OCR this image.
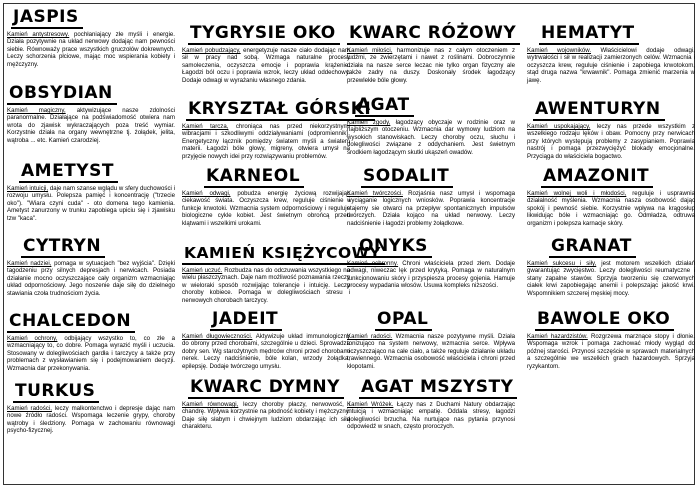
JASPIS

Kamień antystresowy. pochłaniający złe myśli i energie. Działa pozytywnie na układ nerwowy dodając nam pewności siebie. Równoważy prace wszystkich gruczołów dokrewnych. Leczy schorzenia płciowe, mając moc wspierania kobiety i mężczyzny.

OBSYDIAN

Kamień magiczny, aktywizujące nasze zdolności paranormalne. Działające na podświadomość otwiera nam wrota do zjawisk wykraczających poza treść wymiar. Korzystnie działa na organy wewnętrzne tj. żołądek, jelita, wątroba ... etc. Kamień czarodziej.

AMETYST

Kamień intuicji, daje nam szanse wglądu w sfery duchowości i rozwoju umysłu. Polepsza pamięć i koncentrację ("trzecie oko"). "Wiara czyni cuda" - oto domena tego kamienia. Ametyst zanurzony w trunku zapobiega upiciu się i zjawisku tzw "kaca".

CYTRYN

Kamień nadziei, pomaga w sytuacjach "bez wyjścia". Dzięki tagodzeniu przy silnych depresjach i nerwicach. Posiada działanie mocno oczyszczające cały organizm wzmacniając układ odpornościowy. Jego noszenie daje siłę do dzielnego stawiania czoła trudnościom życia.

CHALCEDON

Kamień ochrony, odbijający wszystko to, co złe a wzmacniający to, co dobre. Pomaga wyrazić myśli i uczucia. Stosowany w dolegliwościach gardła i tarczycy a także przy problemach z wysławianiem się i podejmowaniem decyzji. Wzmacnia dar przekonywania.

TURKUS

Kamień radości, leczy malkontenctwo i depresje dając nam nowe źródło radości. Wspomaga leczenie grypy, choroby wątroby i śledziony. Pomaga w zachowaniu równowagi psycho-fizycznej.

TYGRYSIE OKO

Kamień pobudzający, energetyzuje nasze ciało dodając nam sił w pracy nad sobą. Wzmaga naturalne procesy samoleczenia, oczyszcza emocje i poprawia krążenie. Łagodzi ból oczu i poprawia wzrok, leczy układ oddechowy. Dodaje odwagi w wyrażaniu własnego zdania.

KRYSZTAŁ GÓRSKI

Kamień tarcza, chroniąca nas przed niekorzystnymi wibracjami i szkodliwymi oddziaływaniami (odpromiennik). Energetyczny łącznik pomiędzy światem myśli a światem materii. Łagodzi bóle głowy, migreny, otwiera umysł na przyjęcie nowych idei przy rozwiązywaniu problemów.

KARNEOL

Kamień odwagi, pobudza energię życiową rozwijając ciekawość świata. Oczyszcza krew, reguluje ciśnienie i funkcje krwotoki. Wzmacnia system odpornościowy i reguluje biologiczne cykle kobiet. Jest świetnym obrońcą przed klątwami i wszelkimi urokami.

KAMIEŃ KSIĘŻYCOWY

Kamień uczuć. Rozbudza nas do odczuwania wszystkiego na wielu płaszczyznach. Daje nam możliwość poznawania rzeczy w wieloraki sposób rozwijając tolerancje i intuicję. Leczy choroby kobiece. Pomaga w dolegliwościach stresu i nerwowych chorobach tarczycy.

JADEIT

Kamień długowieczności. Aktywizuje układ immunologiczny do obrony przed chorobami, szczególnie u dzieci. Sprowadza dobry sen. Wg starożytnych mędrców chroni przed chorobami nerek. Leczy nadciśnienie, bóle kolan, wrzody żołądka, epilepsję. Dodaje twórczego umysłu.

KWARC DYMNY

Kamień równowagi, leczy choroby płaczy, nerwowość, i chandrę. Wpływa korzystnie na płodność kobiety i mężczyzny. Daje siłę słabym i chwiejnym ludziom obdarzając ich siłą charakteru.

KWARC RÓŻOWY

Kamień miłości, harmonizuje nas z całym otoczeniem z ludźmi, ze zwierzętami i nawet z roślinami. Dobroczynnie działa na nasze serce leczac nie tylko organ fizyczny ale także zadry na duszy. Doskonały środek łagodzący przewlekłe bóle głowy.

AGAT

Kamień zgody, łagodzący obyczaje w rodzinie oraz w najbliższym otoczeniu. Wzmacnia dar wymowy ludziom na wysokich stanowiskach. Leczy choroby oczu, słuchu i dolegliwości związane z oddychaniem. Jest świetnym środkiem łagodzącym skutki ukąszeń owadów.

SODALIT

Kamień twórczości. Rozjaśnia nasz umysł i wspomaga wyciąganie logicznych wniosków. Poprawia koncentracje stajemy sie otwarci na przepływ spontanicznych impulsów twórczych. Działa kojąco na układ nerwowy. Leczy nadciśnienie i łagodzi problemy żołądkowe.

ONYKS

Kamień ochronny. Chroni właściciela przed złem. Dodaje odwagi, niweczac lęk przed krytyką. Pomaga w naturalnym funkcjonowaniu skóry i przyspiesza procesy gojenia. Hamuje procesy wypadania włosów. Usuwa kompleks niższości.

OPAL

Kamień radości. Wzmacnia nasze pozytywne myśli. Działa tonizująco na system nerwowy, wzmacnia serce. Wpływa oczyszczająco na całe ciało, a także reguluje działanie układu trawiennego. Wzmacnia osobowość właściciela i chroni przed kłopotami.

AGAT MSZYSTY

Kamień Wróżek. Łączy nas z Duchami Natury obdarzając intuicją i wzmacniając empatię. Oddala stresy, łagodzi dolegliwości brzucha. Na nurtujące nas pytania przynosi odpowiedź w snach, często proroczych.

HEMATYT

Kamień wojowników. Właścicielowi dodaje odwagi, wytrwałości i sił w realizacji zamierzonych celów. Wzmacnia i oczyszcza krew, reguluje ciśnienie i zapobiega krwotokom, stąd druga nazwa "krwawnik". Pomaga zmienić marzenia w jawę.

AWENTURYN

Kamień uspokajający, leczy nas przede wszystkim z wszelkiego rodzaju lęków i obaw. Pomocny przy nerwicach przy których występują problemy z zasypianiem. Poprawia nastrój i pomaga przezwyciężyć blokady emocjonalne. Przyciąga do właściciela bogactwo.

AMAZONIT

Kamień wolnej woli i młodości, reguluje i usprawnia działalność myślenia. Wzmacnia nasza osobowość dając spokój i pewność siebie. Korzystnie wpływa na krągosłup likwidując bóle i wzmacniając go. Odmładza, odtruwa organizm i polepsza karnacje skóry.

GRANAT

Kamień sukcesu i siły, jest motorem wszelkich działań gwarantując zwycięstwo. Leczy dolegliwości reumatyczne i stany zapalne stawów. Sprzyja tworzeniu się czerwonych ciałek krwi zapobiegając anemii i polepszając jakość krwi. Wspomnikiem szczerej męskiej mocy.

BAWOLE OKO

Kamień hazardzistów. Rozgrzewa marznące stopy i dłonie. Wspomaga wzrok i pomaga zachować młody wygląd do późnej starości. Przynosi szczęście w sprawach materialnych a szczególnie we wszelkich grach hazardowych. Sprzyja ryzykantom.
